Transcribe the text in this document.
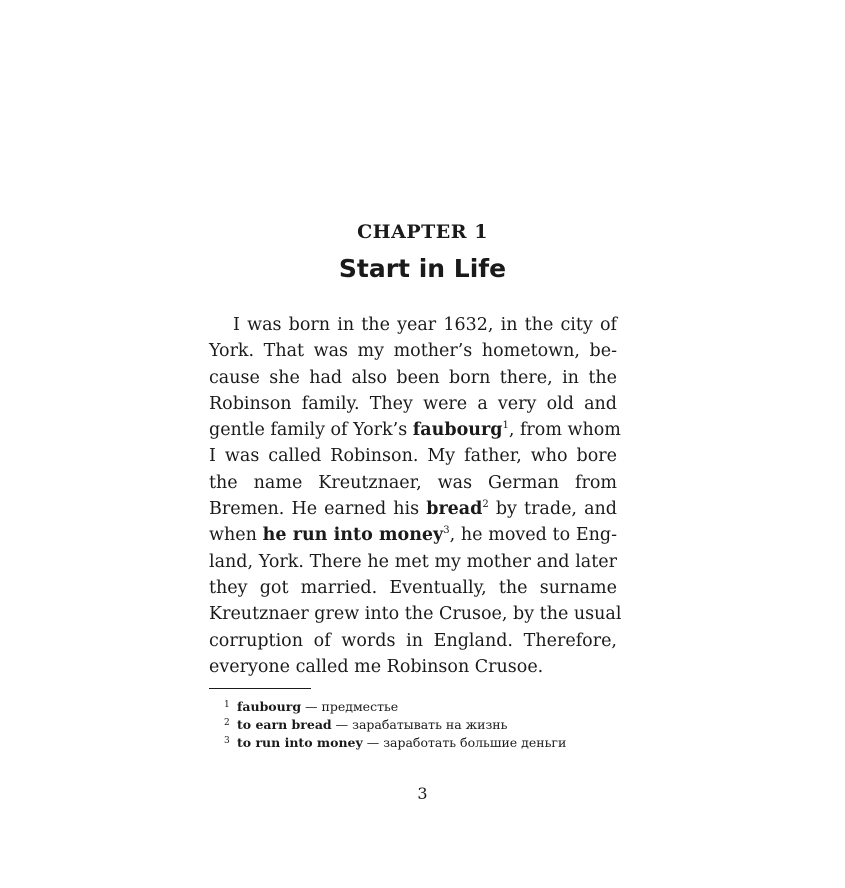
CHAPTER 1
Start in Life
I was born in the year 1632, in the city of
York. That was my mother’s hometown, be-
cause she had also been born there, in the
Robinson family. They were a very old and
gentle family of York’s faubourg$^1$, from whom
I was called Robinson. My father, who bore
the name Kreutznaer, was German from
Bremen. He earned his bread$^2$ by trade, and
when he run into money$^3$, he moved to Eng-
land, York. There he met my mother and later
they got married. Eventually, the surname
Kreutznaer grew into the Crusoe, by the usual
corruption of words in England. Therefore,
everyone called me Robinson Crusoe.
1 faubourg — предместье
2 to earn bread — зарабатывать на жизнь
3 to run into money — заработать большие деньги
3
